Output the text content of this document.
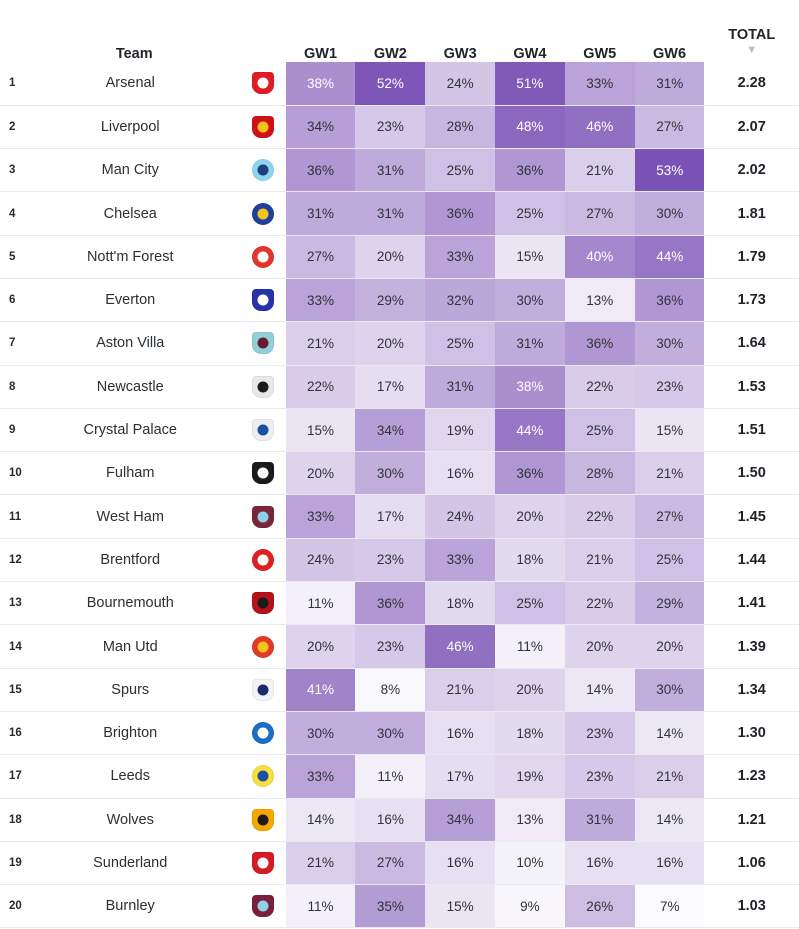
	Team		GW1	GW2	GW3	GW4	GW5	GW6	TOTAL
▼

1	Arsenal		38%	52%	24%	51%	33%	31%	2.28
2	Liverpool		34%	23%	28%	48%	46%	27%	2.07
3	Man City		36%	31%	25%	36%	21%	53%	2.02
4	Chelsea		31%	31%	36%	25%	27%	30%	1.81
5	Nott'm Forest		27%	20%	33%	15%	40%	44%	1.79
6	Everton		33%	29%	32%	30%	13%	36%	1.73
7	Aston Villa		21%	20%	25%	31%	36%	30%	1.64
8	Newcastle		22%	17%	31%	38%	22%	23%	1.53
9	Crystal Palace		15%	34%	19%	44%	25%	15%	1.51
10	Fulham		20%	30%	16%	36%	28%	21%	1.50
11	West Ham		33%	17%	24%	20%	22%	27%	1.45
12	Brentford		24%	23%	33%	18%	21%	25%	1.44
13	Bournemouth		11%	36%	18%	25%	22%	29%	1.41
14	Man Utd		20%	23%	46%	11%	20%	20%	1.39
15	Spurs		41%	8%	21%	20%	14%	30%	1.34
16	Brighton		30%	30%	16%	18%	23%	14%	1.30
17	Leeds		33%	11%	17%	19%	23%	21%	1.23
18	Wolves		14%	16%	34%	13%	31%	14%	1.21
19	Sunderland		21%	27%	16%	10%	16%	16%	1.06
20	Burnley		11%	35%	15%	9%	26%	7%	1.03
